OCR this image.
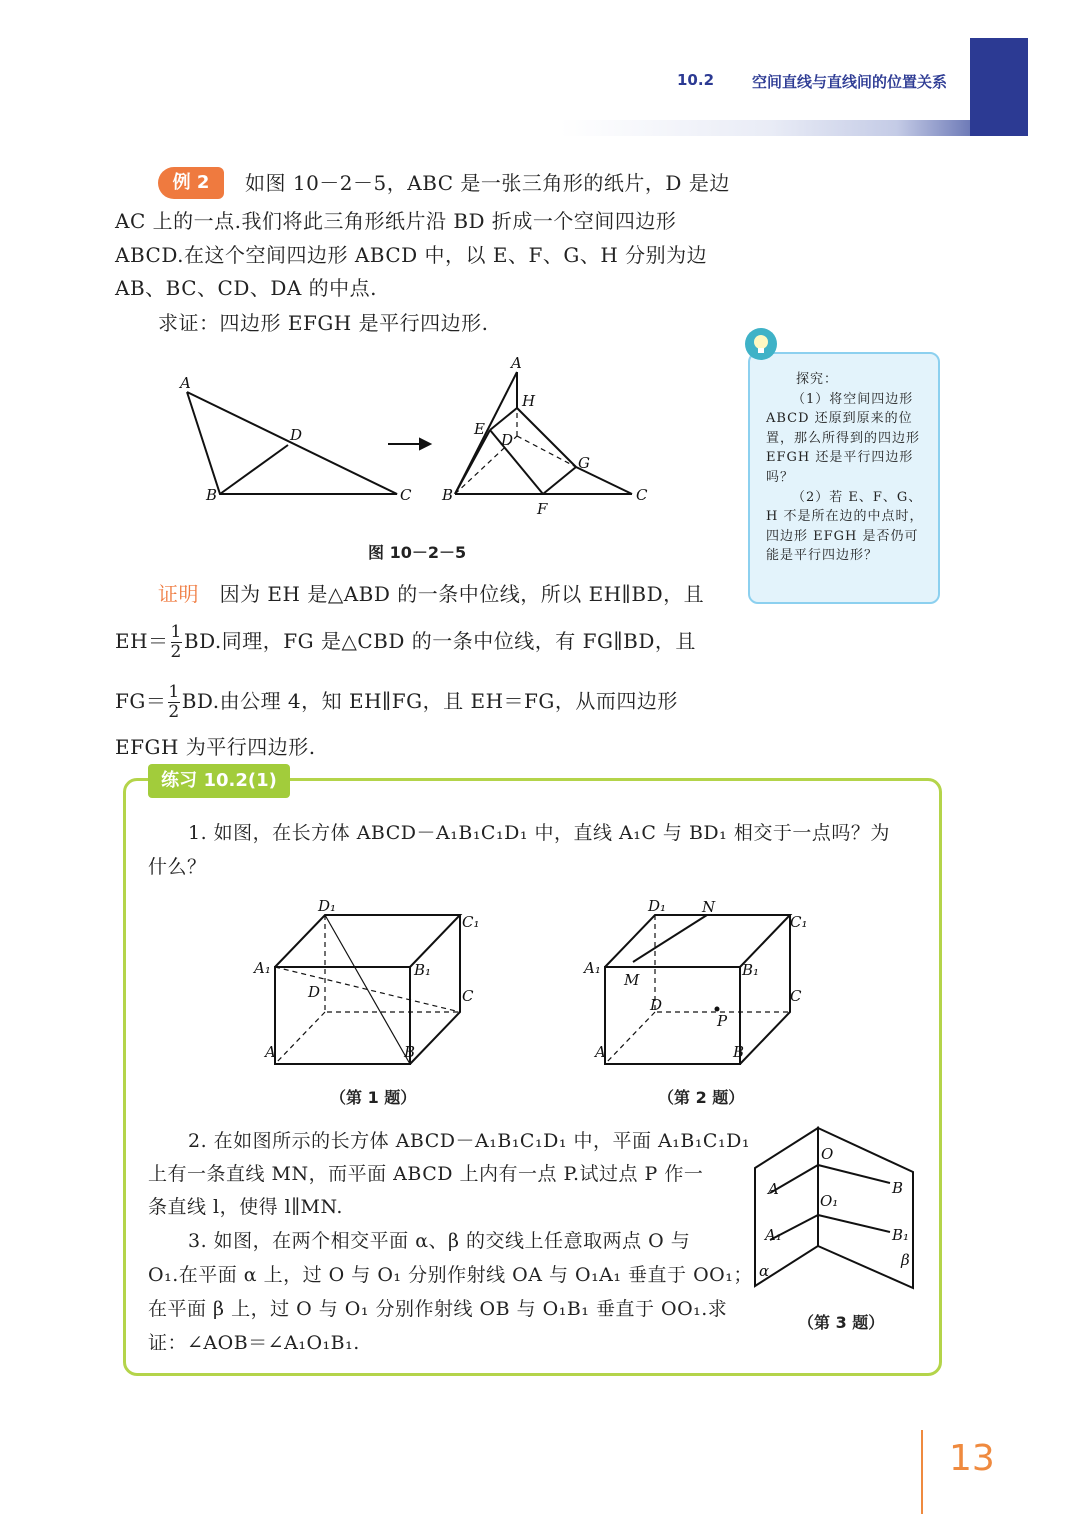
10.2	空间直线与直线间的位置关系
例 2	如图 10－2－5，ABC 是一张三角形的纸片，D 是边
AC 上的一点.我们将此三角形纸片沿 BD 折成一个空间四边形
ABCD.在这个空间四边形 ABCD 中，以 E、F、G、H 分别为边
AB、BC、CD、DA 的中点.
求证：四边形 EFGH 是平行四边形.
A
B	C
D
A
H
E
D
G
B	C
F
图 10－2－5
探究：
（1）将空间四边形ABCD 还原到原来的位置，那么所得到的四边形 EFGH 还是平行四边形吗？
（2）若 E、F、G、H 不是所在边的中点时，四边形 EFGH 是否仍可能是平行四边形？
证明 因为 EH 是△ABD 的一条中位线，所以 EH∥BD，且
$EH= \frac{1}{2}$ BD.同理，FG 是△CBD 的一条中位线，有 FG∥BD，且
$FG= \frac{1}{2}$ BD.由公理 4，知 EH∥FG，且 EH＝FG，从而四边形
EFGH 为平行四边形.
练习 10.2(1)
1. 如图，在长方体 ABCD－A₁B₁C₁D₁ 中，直线 A₁C 与 BD₁ 相交于一点吗？为
什么？
D₁
C₁
A₁	B₁
D	C
A	B
（第 1 题）
D₁ N
C₁
A₁
M
B₁
D
P
C
A	B
（第 2 题）
2. 在如图所示的长方体 ABCD－A₁B₁C₁D₁ 中，平面 A₁B₁C₁D₁
上有一条直线 MN，而平面 ABCD 上内有一点 P.试过点 P 作一
条直线 l，使得 l∥MN.
3. 如图，在两个相交平面 α、β 的交线上任意取两点 O 与
O₁.在平面 α 上，过 O 与 O₁ 分别作射线 OA 与 O₁A₁ 垂直于 OO₁；
在平面 β 上，过 O 与 O₁ 分别作射线 OB 与 O₁B₁ 垂直于 OO₁.求
证：∠AOB＝∠A₁O₁B₁.
O
O₁
A	B
A₁	B₁
α
β
（第 3 题）
13
